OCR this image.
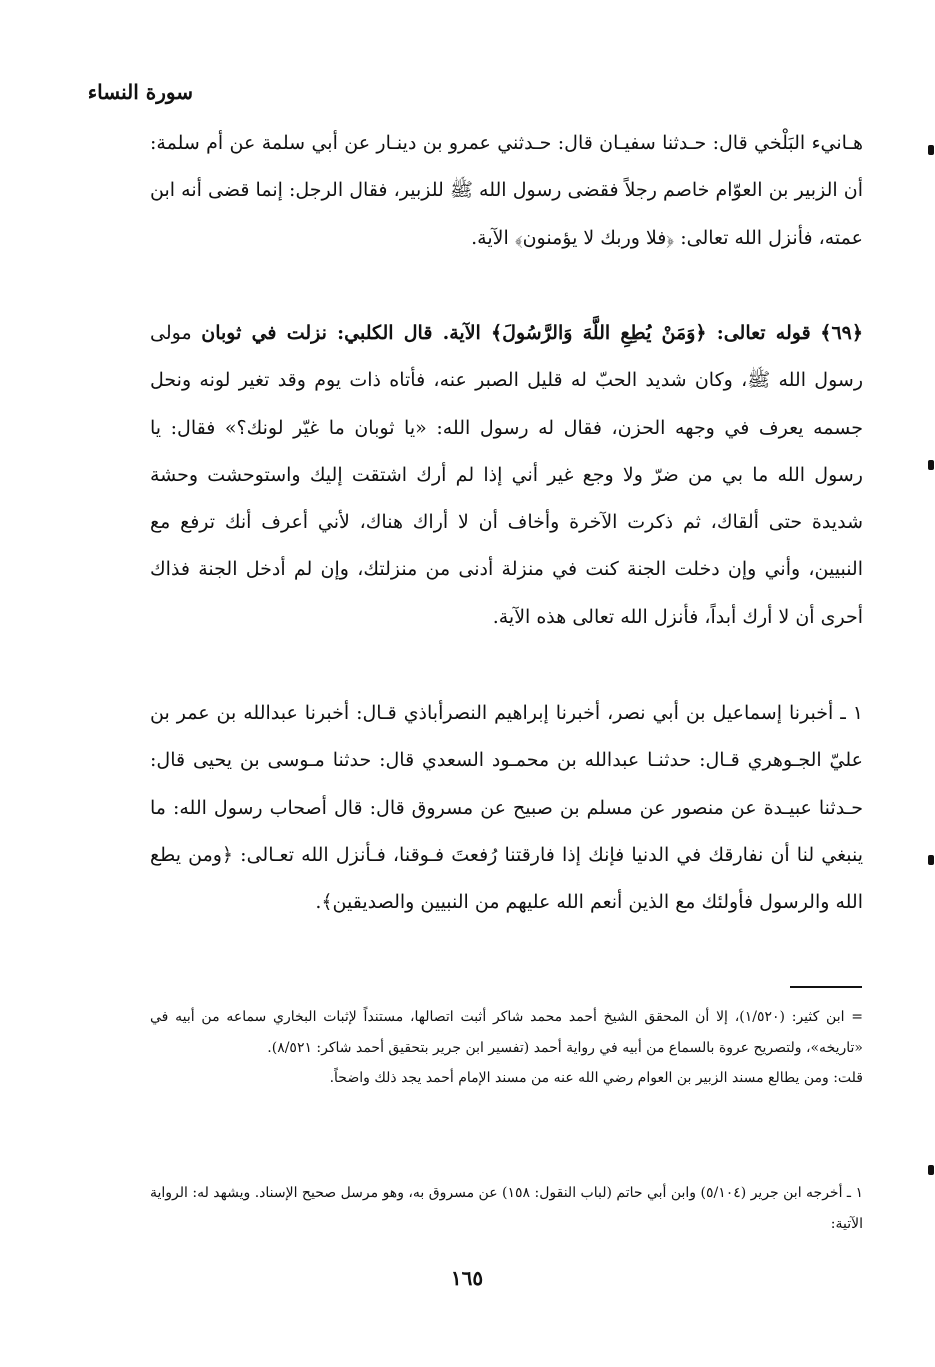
سورة النساء

هـانيء البَلْخي قال: حـدثنا سفيـان قال: حـدثني عمرو بن دينـار عن أبي سلمة عن أم سلمة: أن الزبير بن العوّام خاصم رجلاً فقضى رسول الله ﷺ للزبير، فقال الرجل: إنما قضى أنه ابن عمته، فأنزل الله تعالى: ﴿فلا وربك لا يؤمنون﴾ الآية.

﴿٦٩﴾ قوله تعالى: ﴿وَمَنْ يُطِعِ اللَّهَ وَالرَّسُولَ﴾ الآية. قال الكلبي: نزلت في ثوبان مولى رسول الله ﷺ، وكان شديد الحبّ له قليل الصبر عنه، فأتاه ذات يوم وقد تغير لونه ونحل جسمه يعرف في وجهه الحزن، فقال له رسول الله: «يا ثوبان ما غيّر لونك؟» فقال: يا رسول الله ما بي من ضرّ ولا وجع غير أني إذا لم أرك اشتقت إليك واستوحشت وحشة شديدة حتى ألقاك، ثم ذكرت الآخرة وأخاف أن لا أراك هناك، لأني أعرف أنك ترفع مع النبيين، وأني وإن دخلت الجنة كنت في منزلة أدنى من منزلتك، وإن لم أدخل الجنة فذاك أحرى أن لا أرك أبداً، فأنزل الله تعالى هذه الآية.

١ ـ أخبرنا إسماعيل بن أبي نصر، أخبرنا إبراهيم النصرأباذي قـال: أخبرنا عبدالله بن عمر بن عليّ الجـوهري قـال: حدثنـا عبدالله بن محمـود السعدي قال: حدثنا مـوسى بن يحيى قال: حـدثنا عبيـدة عن منصور عن مسلم بن صبيح عن مسروق قال: قال أصحاب رسول الله: ما ينبغي لنا أن نفارقك في الدنيا فإنك إذا فارقتنا رُفعتَ فـوقنا، فـأنزل الله تعـالى: ﴿ومن يطع الله والرسول فأولئك مع الذين أنعم الله عليهم من النبيين والصديقين﴾.

= ابن كثير: (١/٥٢٠)، إلا أن المحقق الشيخ أحمد محمد شاكر أثبت اتصالها، مستنداً لإثبات البخاري سماعه من أبيه في «تاريخه»، ولتصريح عروة بالسماع من أبيه في رواية أحمد (تفسير ابن جرير بتحقيق أحمد شاكر: ٨/٥٢١).

قلت: ومن يطالع مسند الزبير بن العوام رضي الله عنه من مسند الإمام أحمد يجد ذلك واضحاً.

١ ـ أخرجه ابن جرير (٥/١٠٤) وابن أبي حاتم (لباب النقول: ١٥٨) عن مسروق به، وهو مرسل صحيح الإسناد. ويشهد له: الرواية الآتية:

١٦٥
